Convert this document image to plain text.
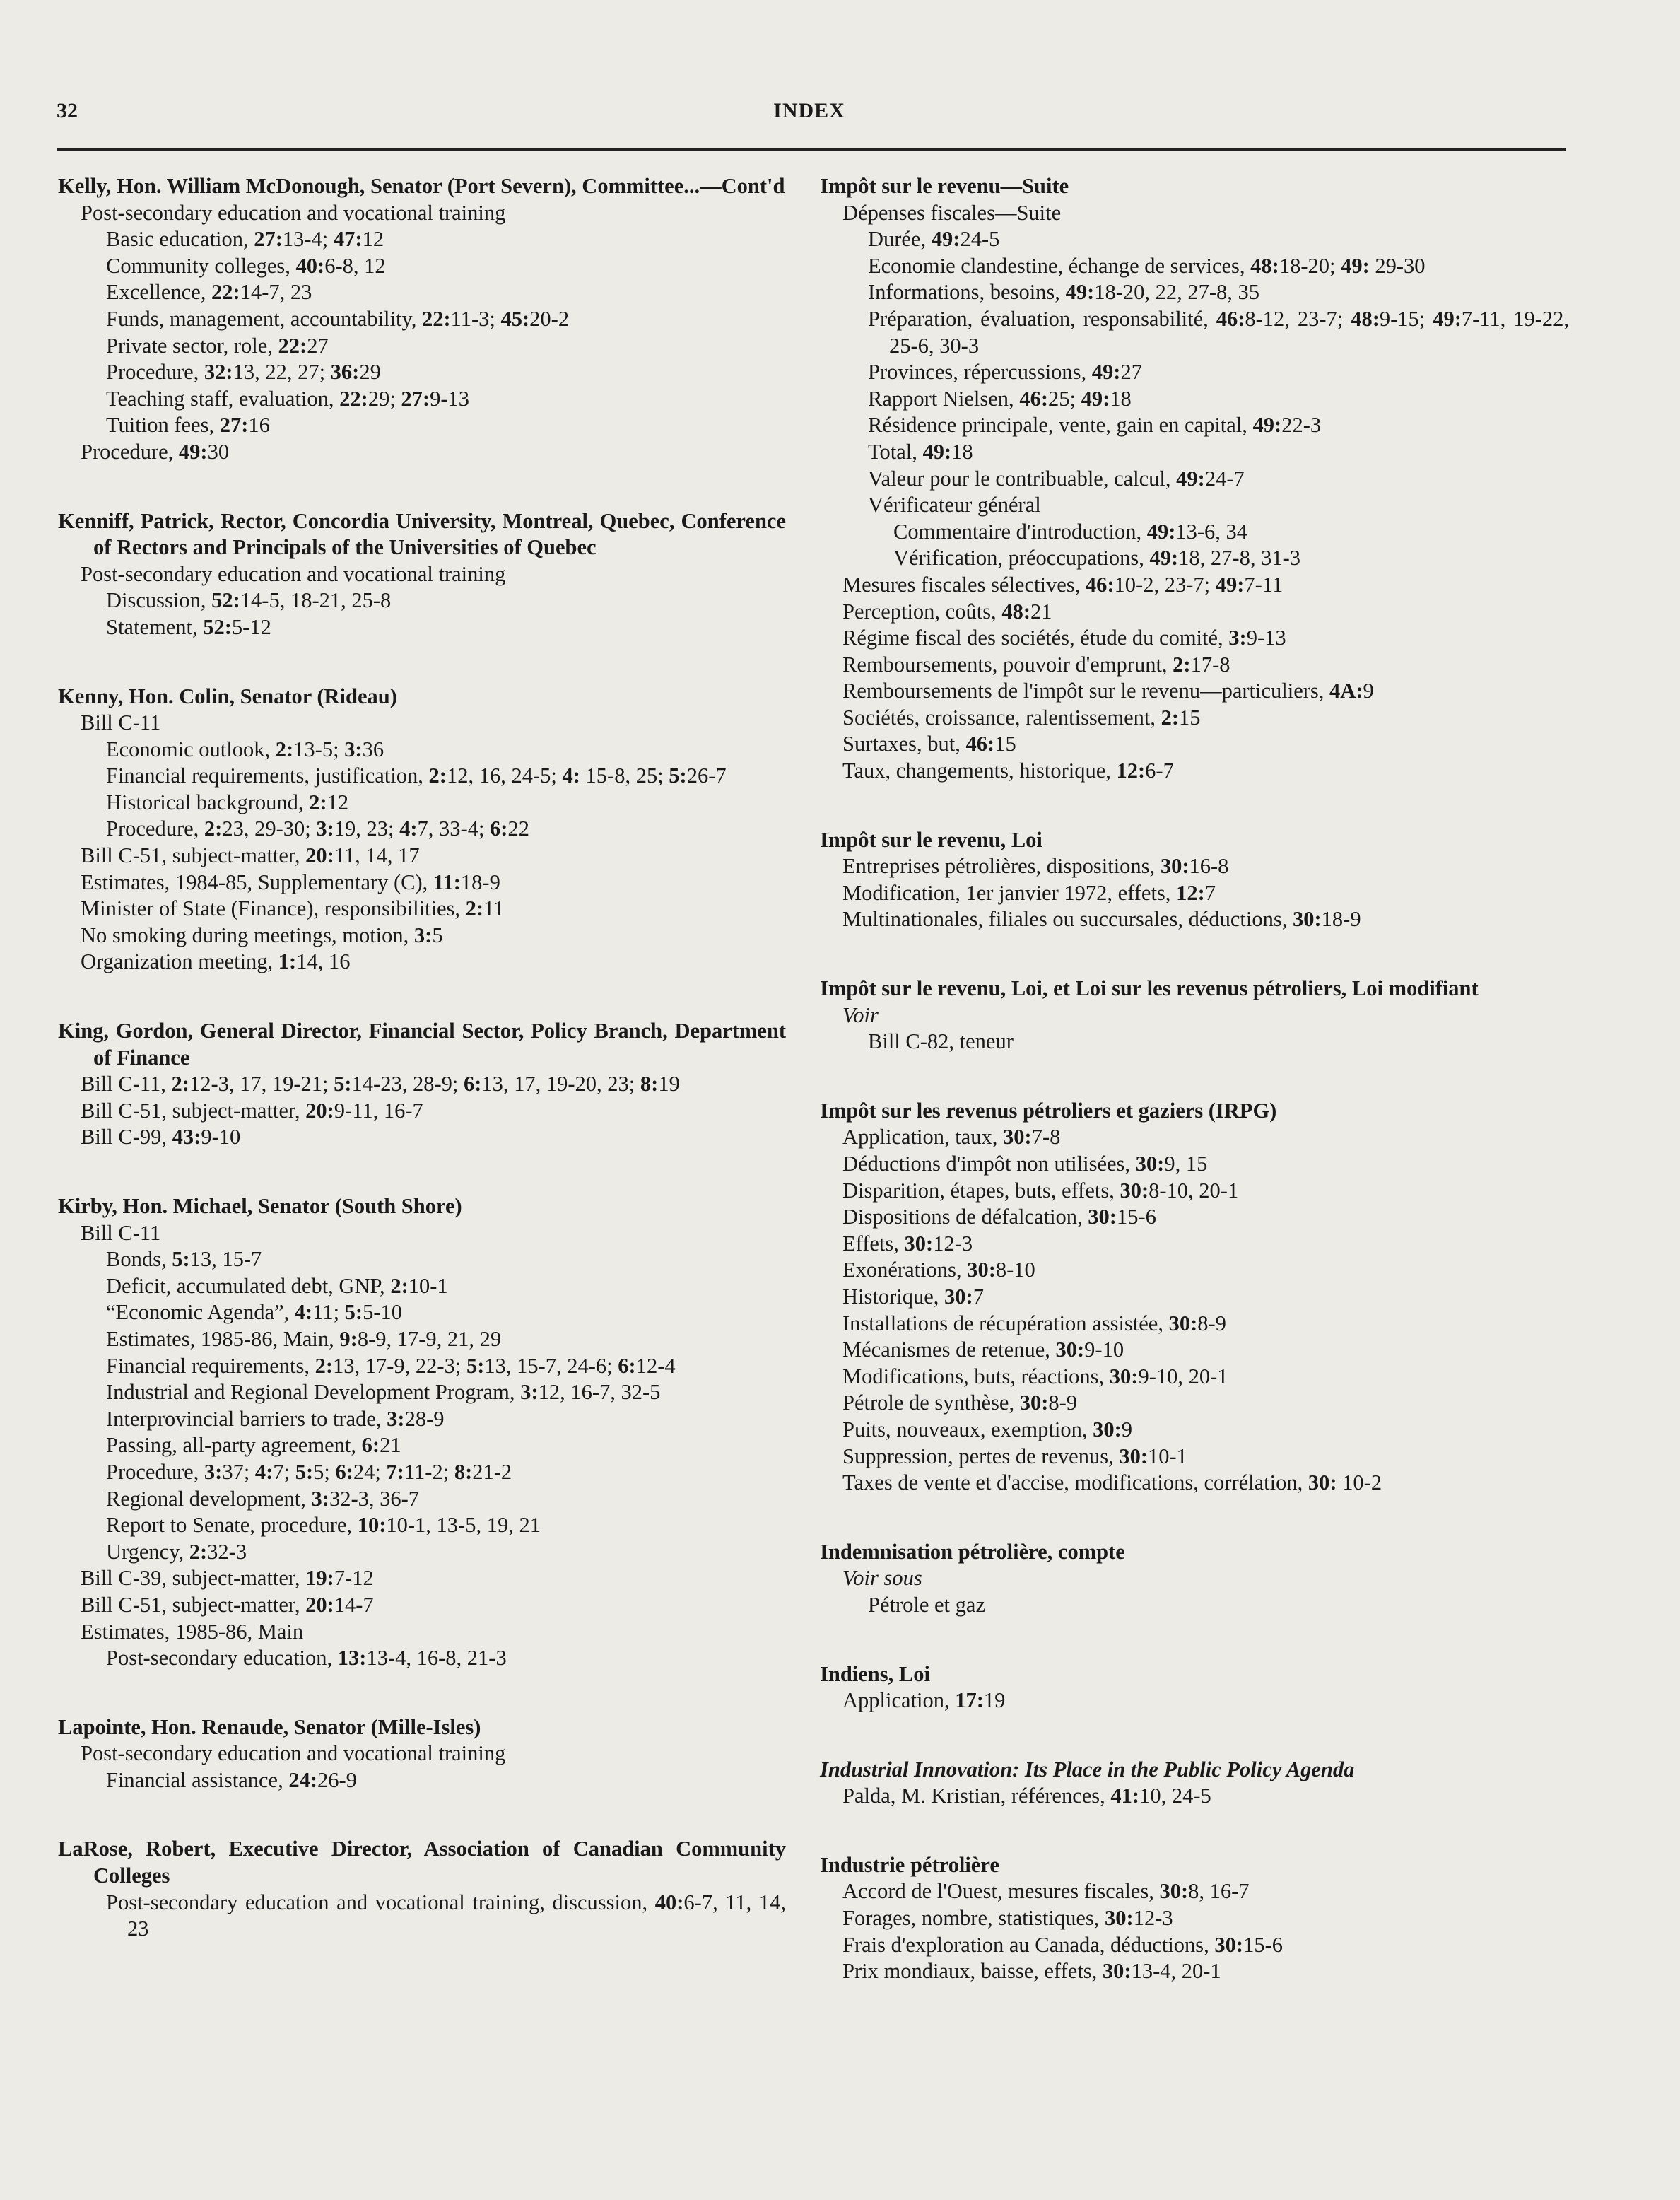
32	INDEX
Kelly, Hon. William McDonough, Senator (Port Severn), Committee...—Cont'd
Post-secondary education and vocational training
Basic education, 27:13-4; 47:12
Community colleges, 40:6-8, 12
Excellence, 22:14-7, 23
Funds, management, accountability, 22:11-3; 45:20-2
Private sector, role, 22:27
Procedure, 32:13, 22, 27; 36:29
Teaching staff, evaluation, 22:29; 27:9-13
Tuition fees, 27:16
Procedure, 49:30
Kenniff, Patrick, Rector, Concordia University, Montreal, Quebec, Conference of Rectors and Principals of the Universities of Quebec
Post-secondary education and vocational training
Discussion, 52:14-5, 18-21, 25-8
Statement, 52:5-12
Kenny, Hon. Colin, Senator (Rideau)
Bill C-11
Economic outlook, 2:13-5; 3:36
Financial requirements, justification, 2:12, 16, 24-5; 4: 15-8, 25; 5:26-7
Historical background, 2:12
Procedure, 2:23, 29-30; 3:19, 23; 4:7, 33-4; 6:22
Bill C-51, subject-matter, 20:11, 14, 17
Estimates, 1984-85, Supplementary (C), 11:18-9
Minister of State (Finance), responsibilities, 2:11
No smoking during meetings, motion, 3:5
Organization meeting, 1:14, 16
King, Gordon, General Director, Financial Sector, Policy Branch, Department of Finance
Bill C-11, 2:12-3, 17, 19-21; 5:14-23, 28-9; 6:13, 17, 19-20, 23; 8:19
Bill C-51, subject-matter, 20:9-11, 16-7
Bill C-99, 43:9-10
Kirby, Hon. Michael, Senator (South Shore)
Bill C-11
Bonds, 5:13, 15-7
Deficit, accumulated debt, GNP, 2:10-1
“Economic Agenda”, 4:11; 5:5-10
Estimates, 1985-86, Main, 9:8-9, 17-9, 21, 29
Financial requirements, 2:13, 17-9, 22-3; 5:13, 15-7, 24-6; 6:12-4
Industrial and Regional Development Program, 3:12, 16-7, 32-5
Interprovincial barriers to trade, 3:28-9
Passing, all-party agreement, 6:21
Procedure, 3:37; 4:7; 5:5; 6:24; 7:11-2; 8:21-2
Regional development, 3:32-3, 36-7
Report to Senate, procedure, 10:10-1, 13-5, 19, 21
Urgency, 2:32-3
Bill C-39, subject-matter, 19:7-12
Bill C-51, subject-matter, 20:14-7
Estimates, 1985-86, Main
Post-secondary education, 13:13-4, 16-8, 21-3
Lapointe, Hon. Renaude, Senator (Mille-Isles)
Post-secondary education and vocational training
Financial assistance, 24:26-9
LaRose, Robert, Executive Director, Association of Canadian Community Colleges
Post-secondary education and vocational training, discussion, 40:6-7, 11, 14, 23
Impôt sur le revenu—Suite
Dépenses fiscales—Suite
Durée, 49:24-5
Economie clandestine, échange de services, 48:18-20; 49: 29-30
Informations, besoins, 49:18-20, 22, 27-8, 35
Préparation, évaluation, responsabilité, 46:8-12, 23-7; 48:9-15; 49:7-11, 19-22, 25-6, 30-3
Provinces, répercussions, 49:27
Rapport Nielsen, 46:25; 49:18
Résidence principale, vente, gain en capital, 49:22-3
Total, 49:18
Valeur pour le contribuable, calcul, 49:24-7
Vérificateur général
Commentaire d'introduction, 49:13-6, 34
Vérification, préoccupations, 49:18, 27-8, 31-3
Mesures fiscales sélectives, 46:10-2, 23-7; 49:7-11
Perception, coûts, 48:21
Régime fiscal des sociétés, étude du comité, 3:9-13
Remboursements, pouvoir d'emprunt, 2:17-8
Remboursements de l'impôt sur le revenu—particuliers, 4A:9
Sociétés, croissance, ralentissement, 2:15
Surtaxes, but, 46:15
Taux, changements, historique, 12:6-7
Impôt sur le revenu, Loi
Entreprises pétrolières, dispositions, 30:16-8
Modification, 1er janvier 1972, effets, 12:7
Multinationales, filiales ou succursales, déductions, 30:18-9
Impôt sur le revenu, Loi, et Loi sur les revenus pétroliers, Loi modifiant
Voir
Bill C-82, teneur
Impôt sur les revenus pétroliers et gaziers (IRPG)
Application, taux, 30:7-8
Déductions d'impôt non utilisées, 30:9, 15
Disparition, étapes, buts, effets, 30:8-10, 20-1
Dispositions de défalcation, 30:15-6
Effets, 30:12-3
Exonérations, 30:8-10
Historique, 30:7
Installations de récupération assistée, 30:8-9
Mécanismes de retenue, 30:9-10
Modifications, buts, réactions, 30:9-10, 20-1
Pétrole de synthèse, 30:8-9
Puits, nouveaux, exemption, 30:9
Suppression, pertes de revenus, 30:10-1
Taxes de vente et d'accise, modifications, corrélation, 30: 10-2
Indemnisation pétrolière, compte
Voir sous
Pétrole et gaz
Indiens, Loi
Application, 17:19
Industrial Innovation: Its Place in the Public Policy Agenda
Palda, M. Kristian, références, 41:10, 24-5
Industrie pétrolière
Accord de l'Ouest, mesures fiscales, 30:8, 16-7
Forages, nombre, statistiques, 30:12-3
Frais d'exploration au Canada, déductions, 30:15-6
Prix mondiaux, baisse, effets, 30:13-4, 20-1
